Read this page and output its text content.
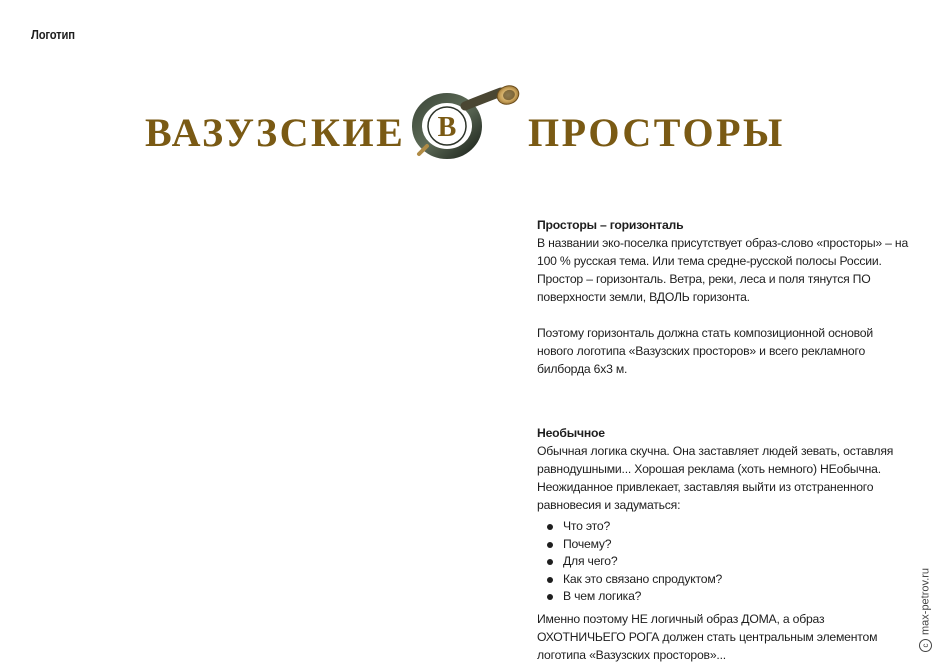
Логотип
ВАЗУЗСКИЕ В ПРОСТОРЫ
Просторы – горизонталь

В названии эко-поселка присутствует образ-слово «просторы» – на 100 % русская тема. Или тема средне-русской полосы России. Простор – горизонталь. Ветра, реки, леса и поля тянутся ПО поверхности земли, ВДОЛЬ горизонта.

Поэтому горизонталь должна стать композиционной основой нового логотипа «Вазузских просторов» и всего рекламного билборда 6х3 м.

Необычное

Обычная логика скучна. Она заставляет людей зевать, оставляя равнодушными... Хорошая реклама (хоть немного) НЕобычна. Неожиданное привлекает, заставляя выйти из отстраненного равновесия и задуматься:

Что это?
Почему?
Для чего?
Как это связано спродуктом?
В чем логика?

Именно поэтому НЕ логичный образ ДОМА, а образ ОХОТНИЧЬЕГО РОГА должен стать центральным элементом логотипа «Вазузских просторов»...

cmax-petrov.ru
